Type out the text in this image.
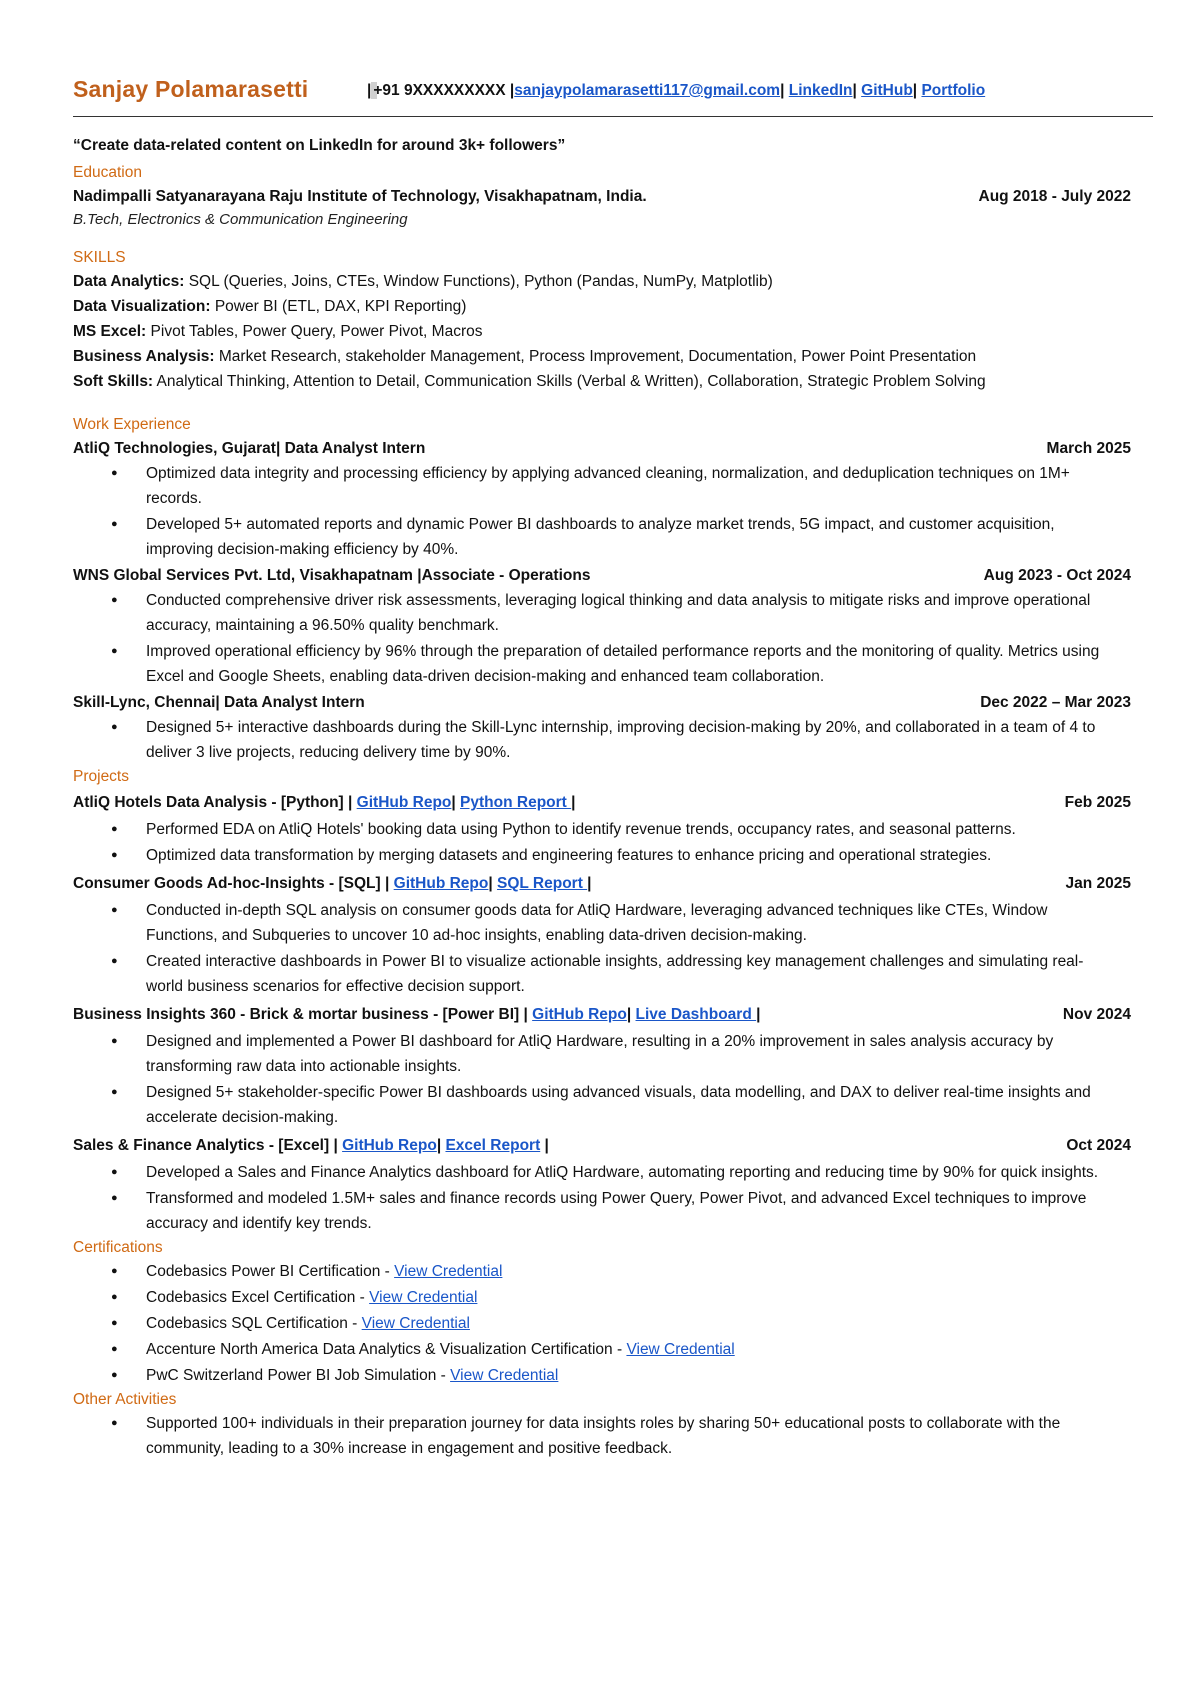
Sanjay Polamarasetti	| +91 9XXXXXXXXX |sanjaypolamarasetti117@gmail.com| LinkedIn| GitHub| Portfolio
“Create data-related content on LinkedIn for around 3k+ followers”
Education
Nadimpalli Satyanarayana Raju Institute of Technology, Visakhapatnam, India.	Aug 2018 - July 2022
B.Tech, Electronics & Communication Engineering
SKILLS
Data Analytics: SQL (Queries, Joins, CTEs, Window Functions), Python (Pandas, NumPy, Matplotlib)
Data Visualization: Power BI (ETL, DAX, KPI Reporting)
MS Excel: Pivot Tables, Power Query, Power Pivot, Macros
Business Analysis: Market Research, stakeholder Management, Process Improvement, Documentation, Power Point Presentation
Soft Skills: Analytical Thinking, Attention to Detail, Communication Skills (Verbal & Written), Collaboration, Strategic Problem Solving
Work Experience
AtliQ Technologies, Gujarat| Data Analyst Intern	March 2025
● Optimized data integrity and processing efficiency by applying advanced cleaning, normalization, and deduplication techniques on 1M+ records.
● Developed 5+ automated reports and dynamic Power BI dashboards to analyze market trends, 5G impact, and customer acquisition, improving decision-making efficiency by 40%.
WNS Global Services Pvt. Ltd, Visakhapatnam |Associate - Operations	Aug 2023 - Oct 2024
● Conducted comprehensive driver risk assessments, leveraging logical thinking and data analysis to mitigate risks and improve operational accuracy, maintaining a 96.50% quality benchmark.
● Improved operational efficiency by 96% through the preparation of detailed performance reports and the monitoring of quality. Metrics using Excel and Google Sheets, enabling data-driven decision-making and enhanced team collaboration.
Skill-Lync, Chennai| Data Analyst Intern	Dec 2022 – Mar 2023
● Designed 5+ interactive dashboards during the Skill-Lync internship, improving decision-making by 20%, and collaborated in a team of 4 to deliver 3 live projects, reducing delivery time by 90%.
Projects
AtliQ Hotels Data Analysis - [Python] | GitHub Repo| Python Report |	Feb 2025
● Performed EDA on AtliQ Hotels' booking data using Python to identify revenue trends, occupancy rates, and seasonal patterns.
● Optimized data transformation by merging datasets and engineering features to enhance pricing and operational strategies.
Consumer Goods Ad-hoc-Insights - [SQL] | GitHub Repo| SQL Report |	Jan 2025
● Conducted in-depth SQL analysis on consumer goods data for AtliQ Hardware, leveraging advanced techniques like CTEs, Window Functions, and Subqueries to uncover 10 ad-hoc insights, enabling data-driven decision-making.
● Created interactive dashboards in Power BI to visualize actionable insights, addressing key management challenges and simulating real-world business scenarios for effective decision support.
Business Insights 360 - Brick & mortar business - [Power BI] | GitHub Repo| Live Dashboard |	Nov 2024
● Designed and implemented a Power BI dashboard for AtliQ Hardware, resulting in a 20% improvement in sales analysis accuracy by transforming raw data into actionable insights.
● Designed 5+ stakeholder-specific Power BI dashboards using advanced visuals, data modelling, and DAX to deliver real-time insights and accelerate decision-making.
Sales & Finance Analytics - [Excel] | GitHub Repo| Excel Report |	Oct 2024
● Developed a Sales and Finance Analytics dashboard for AtliQ Hardware, automating reporting and reducing time by 90% for quick insights.
● Transformed and modeled 1.5M+ sales and finance records using Power Query, Power Pivot, and advanced Excel techniques to improve accuracy and identify key trends.
Certifications
● Codebasics Power BI Certification - View Credential
● Codebasics Excel Certification - View Credential
● Codebasics SQL Certification - View Credential
● Accenture North America Data Analytics & Visualization Certification - View Credential
● PwC Switzerland Power BI Job Simulation - View Credential
Other Activities
● Supported 100+ individuals in their preparation journey for data insights roles by sharing 50+ educational posts to collaborate with the community, leading to a 30% increase in engagement and positive feedback.
